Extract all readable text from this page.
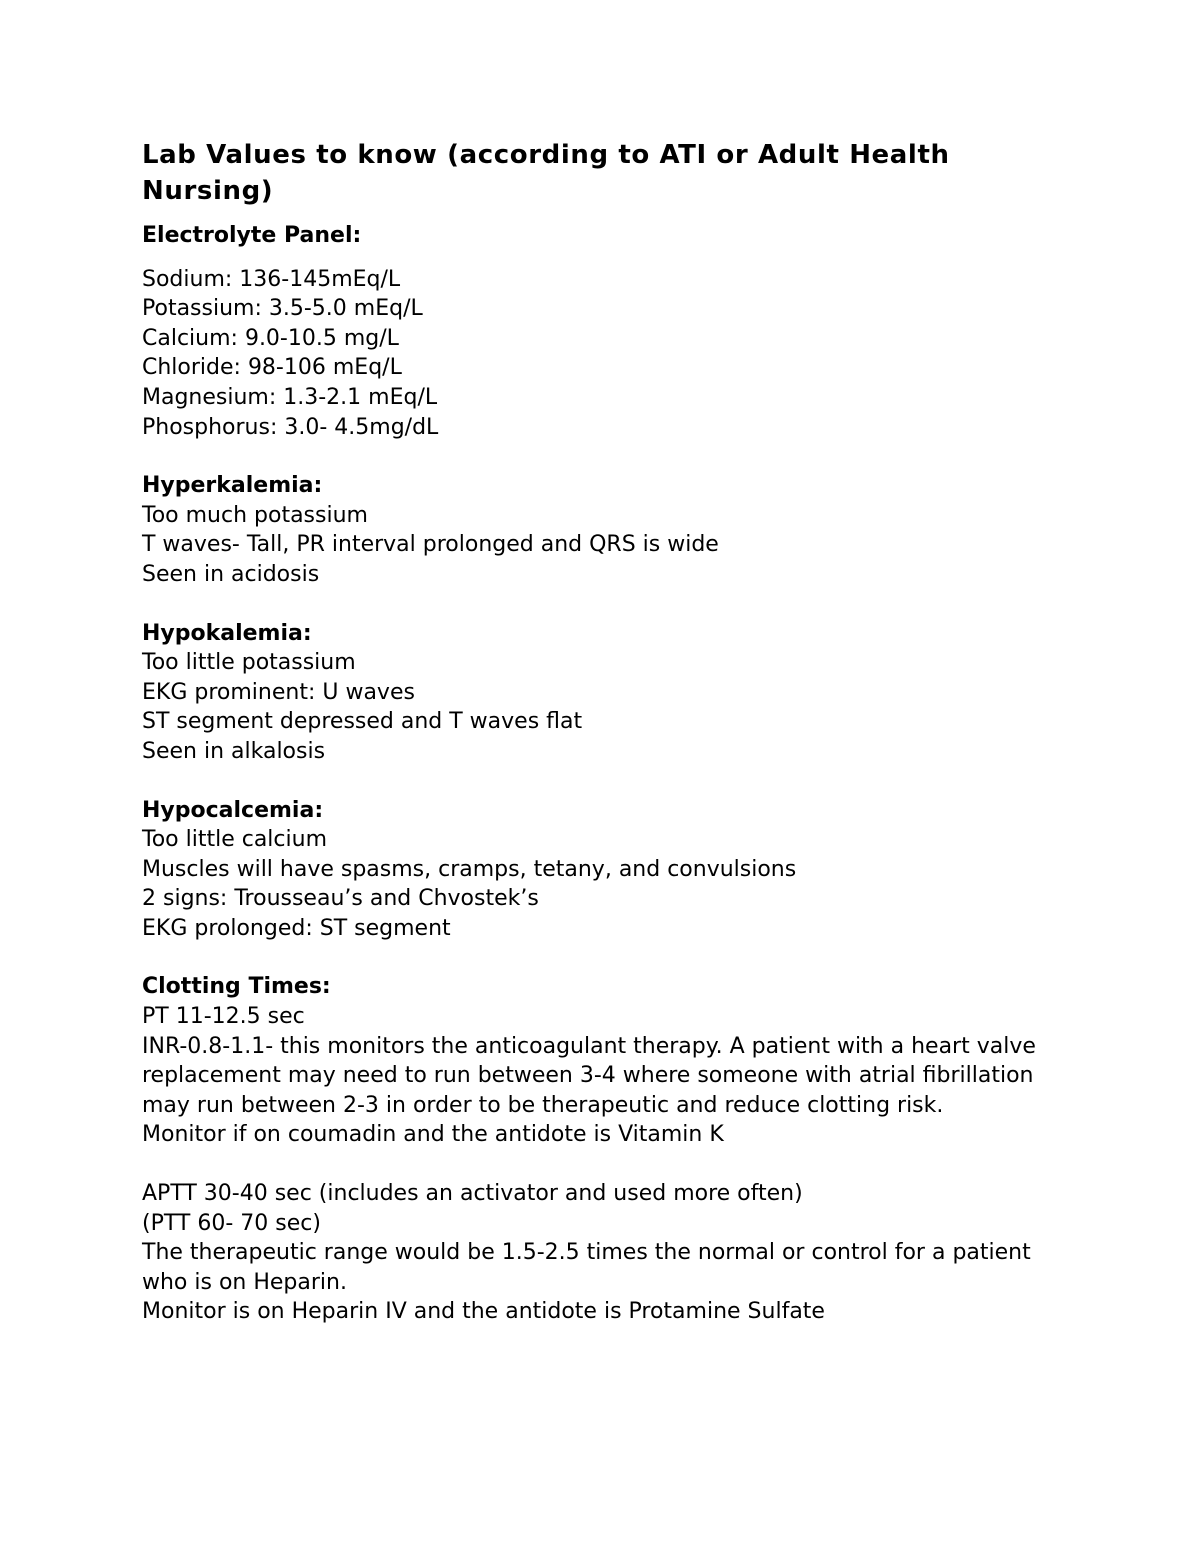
Lab Values to know (according to ATI or Adult Health Nursing)

Electrolyte Panel:

Sodium: 136-145mEq/L

Potassium: 3.5-5.0 mEq/L

Calcium: 9.0-10.5 mg/L

Chloride: 98-106 mEq/L

Magnesium: 1.3-2.1 mEq/L

Phosphorus: 3.0- 4.5mg/dL

Hyperkalemia:

Too much potassium

T waves- Tall, PR interval prolonged and QRS is wide

Seen in acidosis

Hypokalemia:

Too little potassium

EKG prominent: U waves

ST segment depressed and T waves flat

Seen in alkalosis

Hypocalcemia:

Too little calcium

Muscles will have spasms, cramps, tetany, and convulsions

2 signs: Trousseau’s and Chvostek’s

EKG prolonged: ST segment

Clotting Times:

PT 11-12.5 sec

INR-0.8-1.1- this monitors the anticoagulant therapy. A patient with a heart valve replacement may need to run between 3-4 where someone with atrial fibrillation may run between 2-3 in order to be therapeutic and reduce clotting risk.

Monitor if on coumadin and the antidote is Vitamin K

APTT 30-40 sec (includes an activator and used more often)

(PTT 60- 70 sec)

The therapeutic range would be 1.5-2.5 times the normal or control for a patient who is on Heparin.

Monitor is on Heparin IV and the antidote is Protamine Sulfate
